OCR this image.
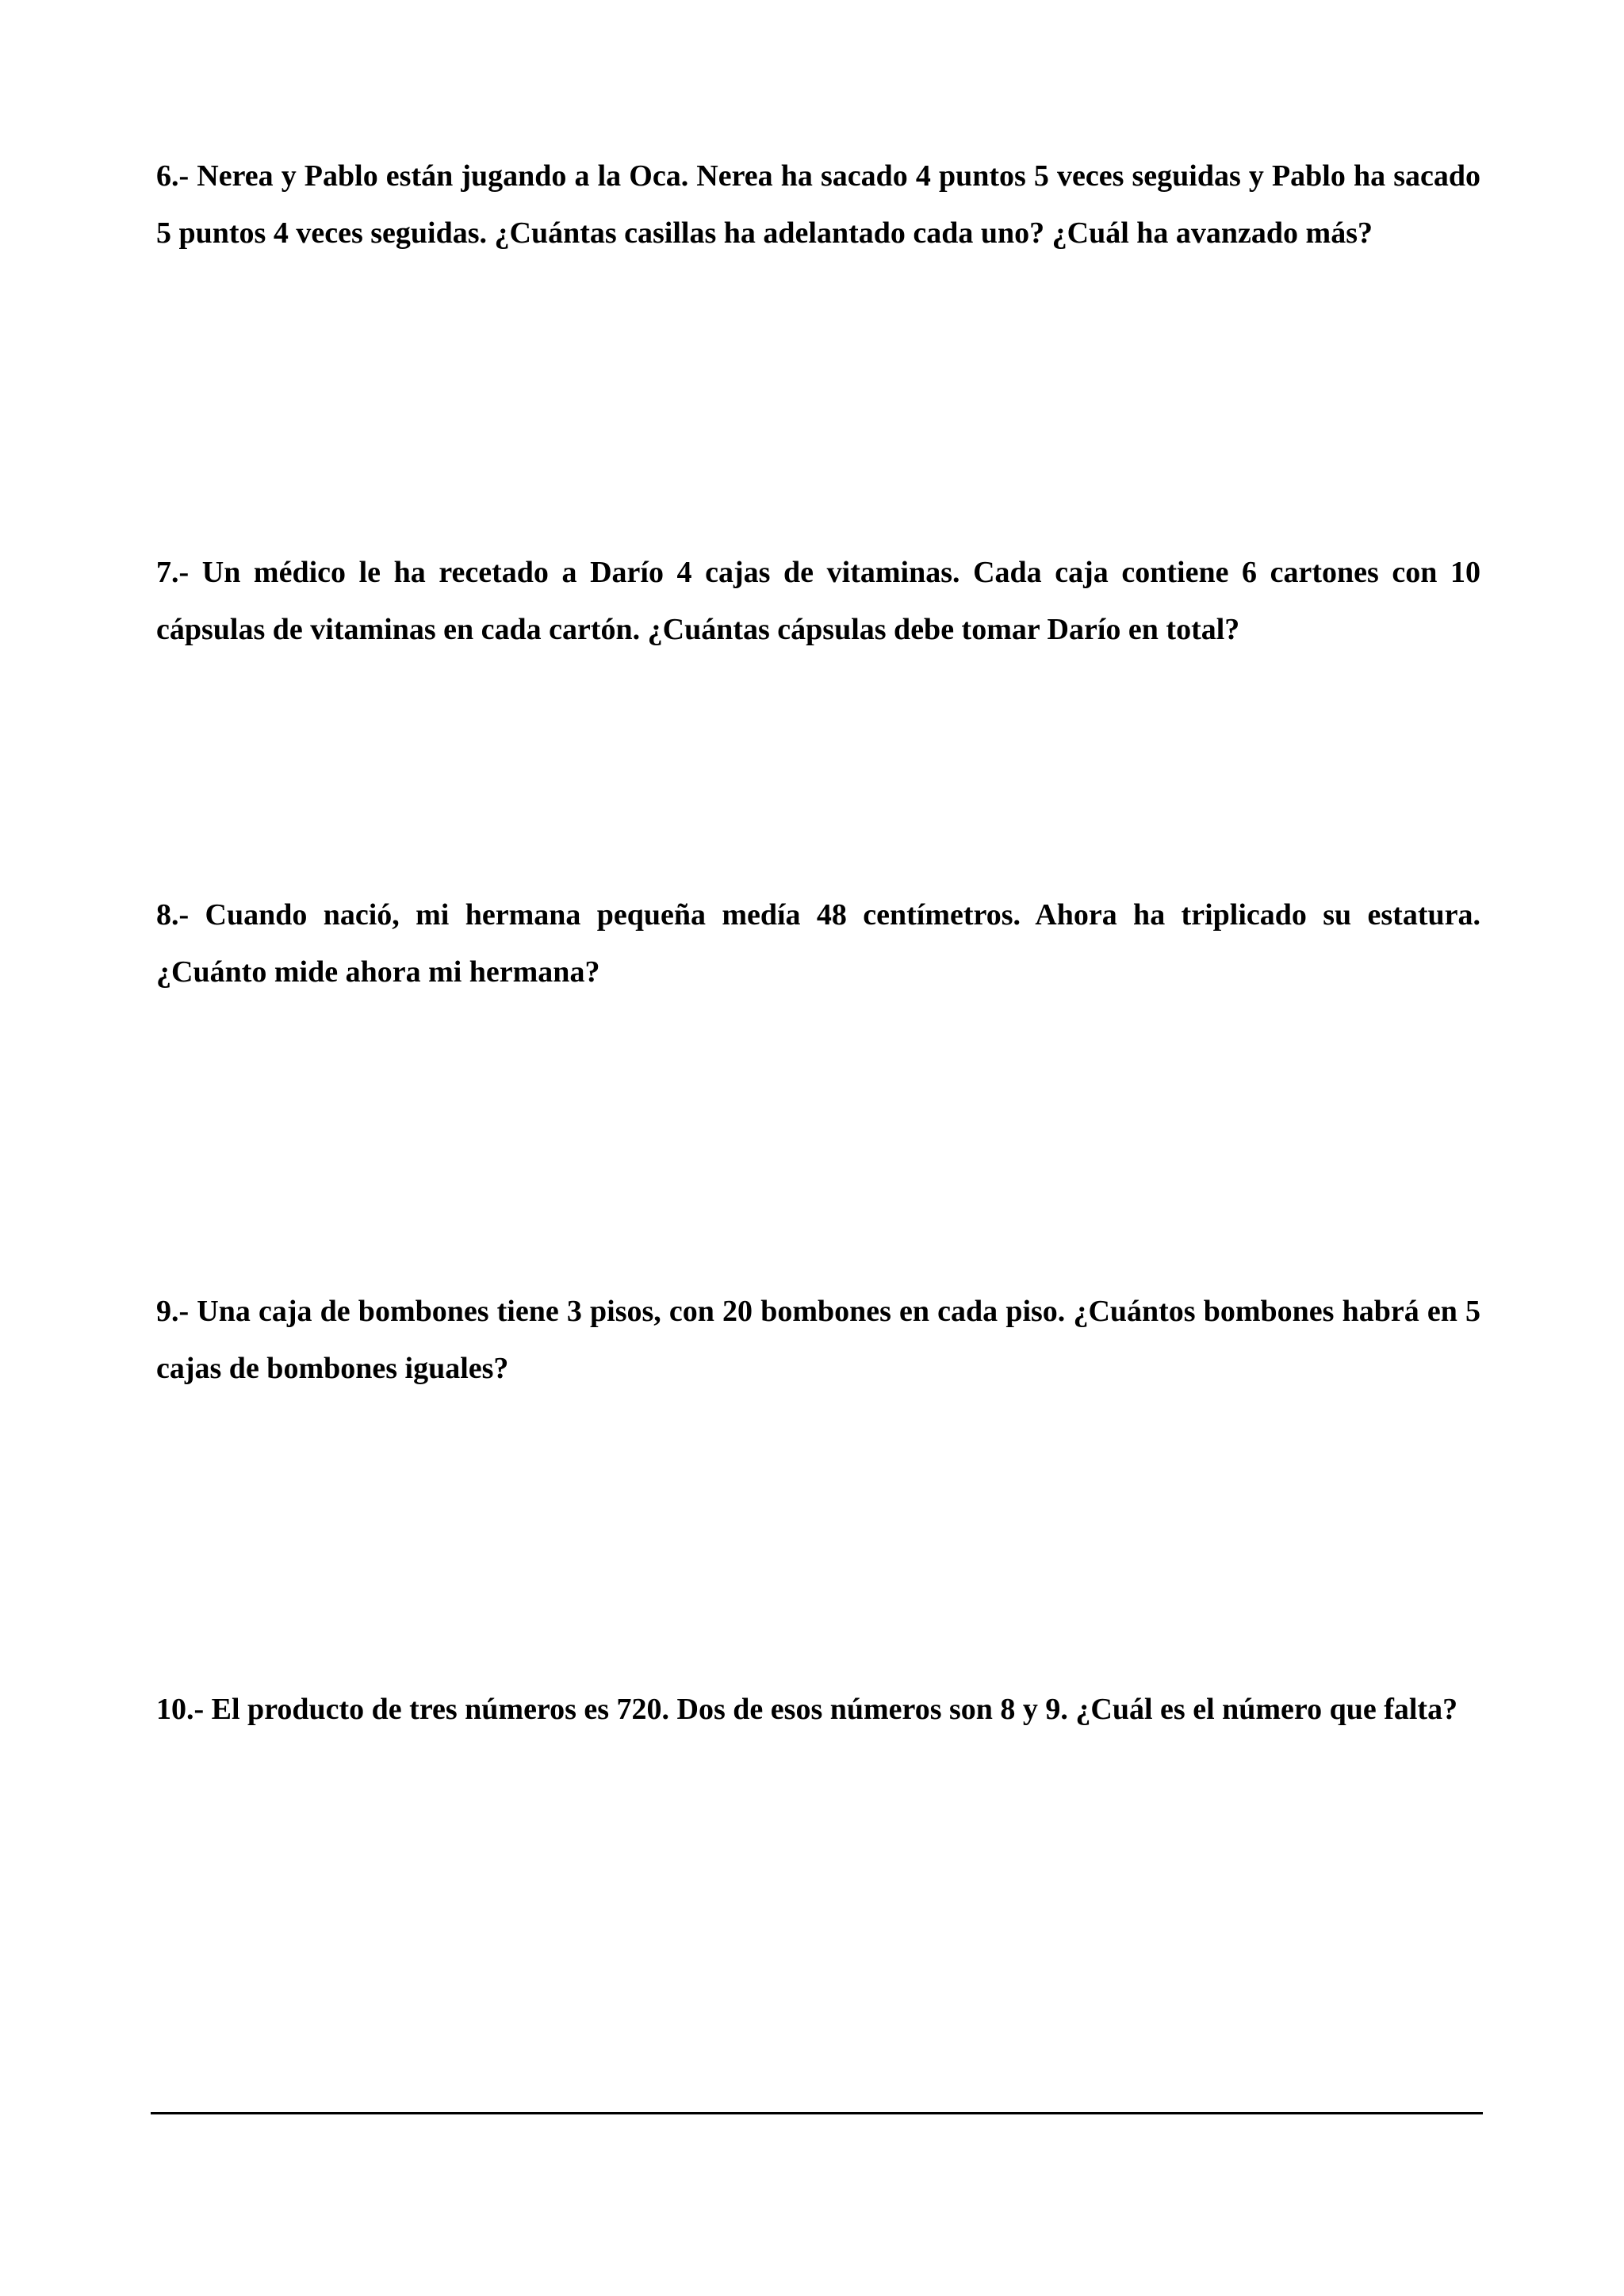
6.- Nerea y Pablo están jugando a la Oca. Nerea ha sacado 4 puntos 5 veces seguidas y Pablo ha sacado 5 puntos 4 veces seguidas. ¿Cuántas casillas ha adelantado cada uno? ¿Cuál ha avanzado más?

7.- Un médico le ha recetado a Darío 4 cajas de vitaminas. Cada caja contiene 6 cartones con 10 cápsulas de vitaminas en cada cartón. ¿Cuántas cápsulas debe tomar Darío en total?

8.- Cuando nació, mi hermana pequeña medía 48 centímetros. Ahora ha triplicado su estatura. ¿Cuánto mide ahora mi hermana?

9.- Una caja de bombones tiene 3 pisos, con 20 bombones en cada piso. ¿Cuántos bombones habrá en 5 cajas de bombones iguales?

10.- El producto de tres números es 720. Dos de esos números son 8 y 9. ¿Cuál es el número que falta?
